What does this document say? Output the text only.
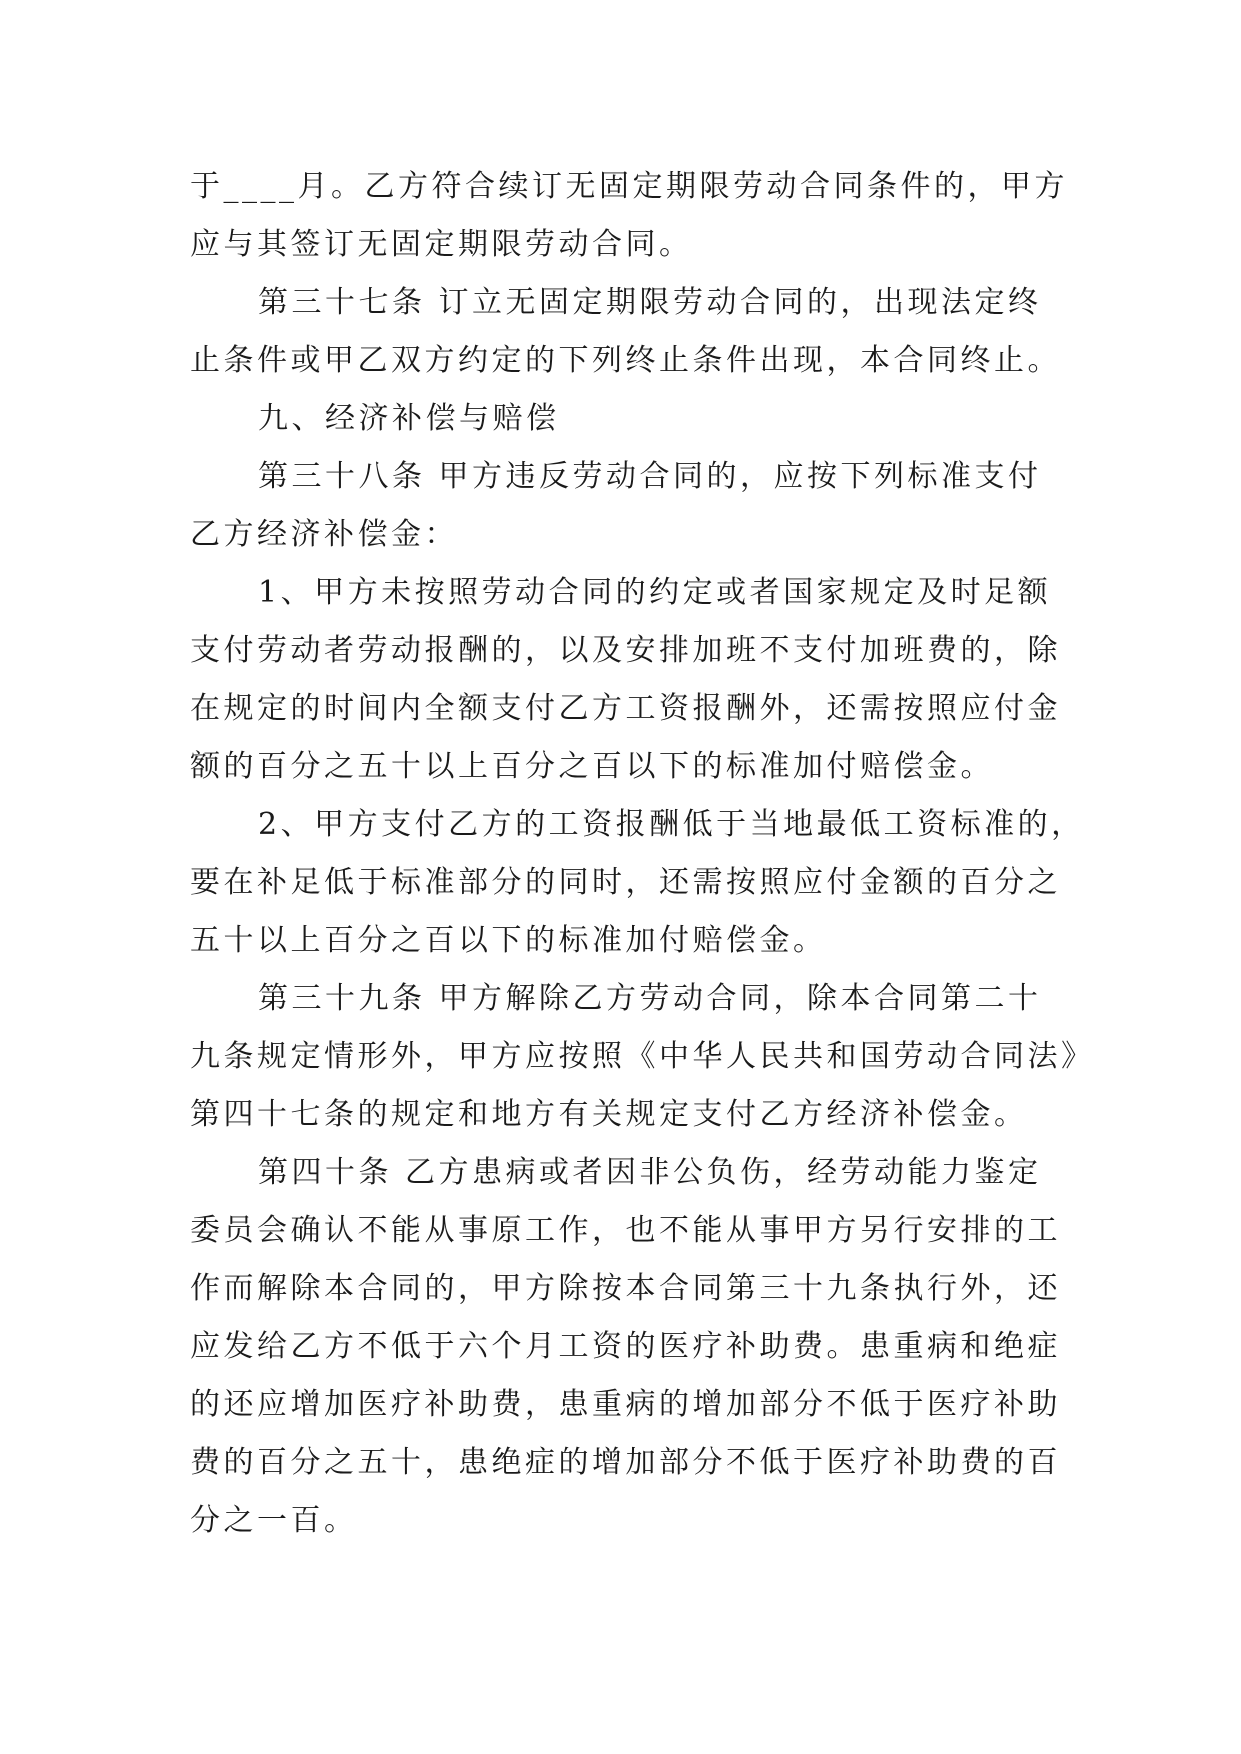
于____月。乙方符合续订无固定期限劳动合同条件的，甲方
应与其签订无固定期限劳动合同。

第三十七条 订立无固定期限劳动合同的，出现法定终
止条件或甲乙双方约定的下列终止条件出现，本合同终止。

九、经济补偿与赔偿

第三十八条 甲方违反劳动合同的，应按下列标准支付
乙方经济补偿金：

1、甲方未按照劳动合同的约定或者国家规定及时足额
支付劳动者劳动报酬的，以及安排加班不支付加班费的，除
在规定的时间内全额支付乙方工资报酬外，还需按照应付金
额的百分之五十以上百分之百以下的标准加付赔偿金。

2、甲方支付乙方的工资报酬低于当地最低工资标准的，
要在补足低于标准部分的同时，还需按照应付金额的百分之
五十以上百分之百以下的标准加付赔偿金。

第三十九条 甲方解除乙方劳动合同，除本合同第二十
九条规定情形外，甲方应按照《中华人民共和国劳动合同法》
第四十七条的规定和地方有关规定支付乙方经济补偿金。

第四十条 乙方患病或者因非公负伤，经劳动能力鉴定
委员会确认不能从事原工作，也不能从事甲方另行安排的工
作而解除本合同的，甲方除按本合同第三十九条执行外，还
应发给乙方不低于六个月工资的医疗补助费。患重病和绝症
的还应增加医疗补助费，患重病的增加部分不低于医疗补助
费的百分之五十，患绝症的增加部分不低于医疗补助费的百
分之一百。
